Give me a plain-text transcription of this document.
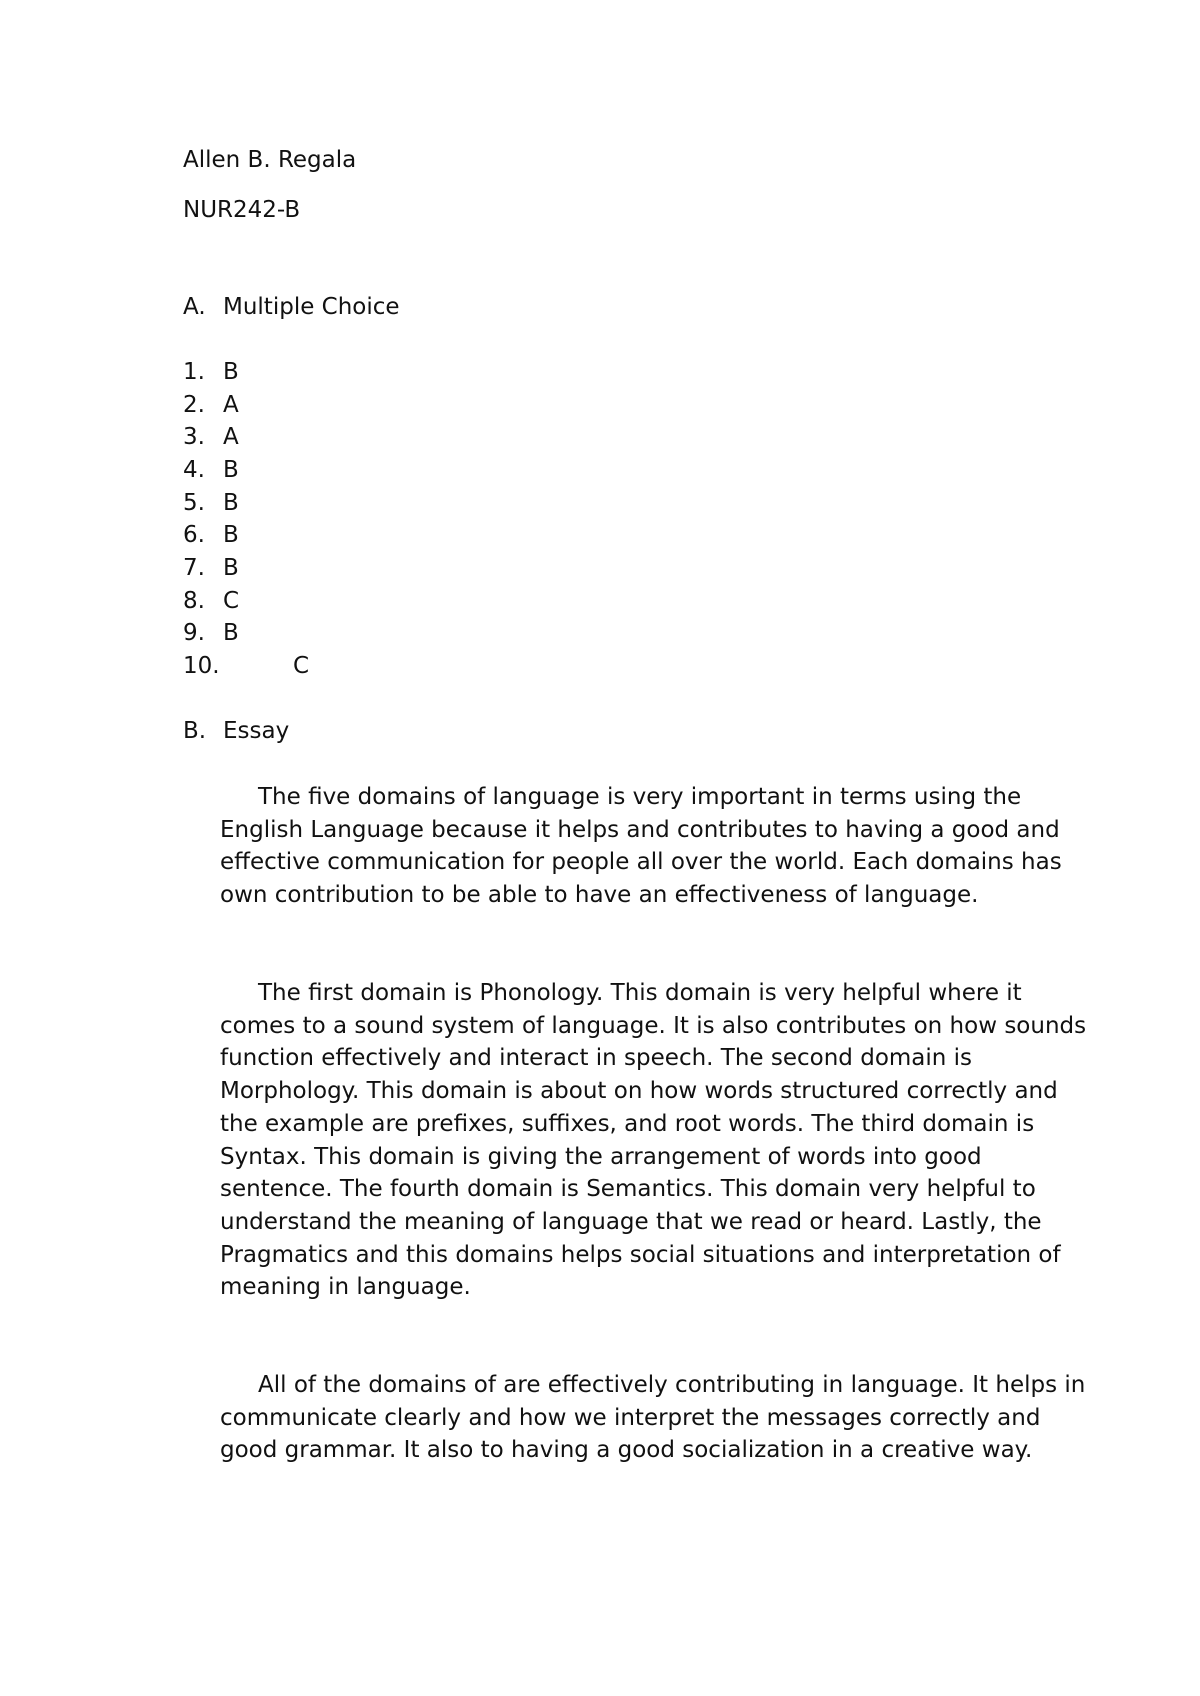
Allen B. Regala
NUR242-B
A. Multiple Choice
1. B
2. A
3. A
4. B
5. B
6. B
7. B
8. C
9. B
10.	C
B. Essay

The five domains of language is very important in terms using the English Language because it helps and contributes to having a good and effective communication for people all over the world. Each domains has own contribution to be able to have an effectiveness of language.

The first domain is Phonology. This domain is very helpful where it comes to a sound system of language. It is also contributes on how sounds function effectively and interact in speech. The second domain is Morphology. This domain is about on how words structured correctly and the example are prefixes, suffixes, and root words. The third domain is Syntax. This domain is giving the arrangement of words into good sentence. The fourth domain is Semantics. This domain very helpful to understand the meaning of language that we read or heard. Lastly, the Pragmatics and this domains helps social situations and interpretation of meaning in language.

All of the domains of are effectively contributing in language. It helps in communicate clearly and how we interpret the messages correctly and good grammar. It also to having a good socialization in a creative way.
